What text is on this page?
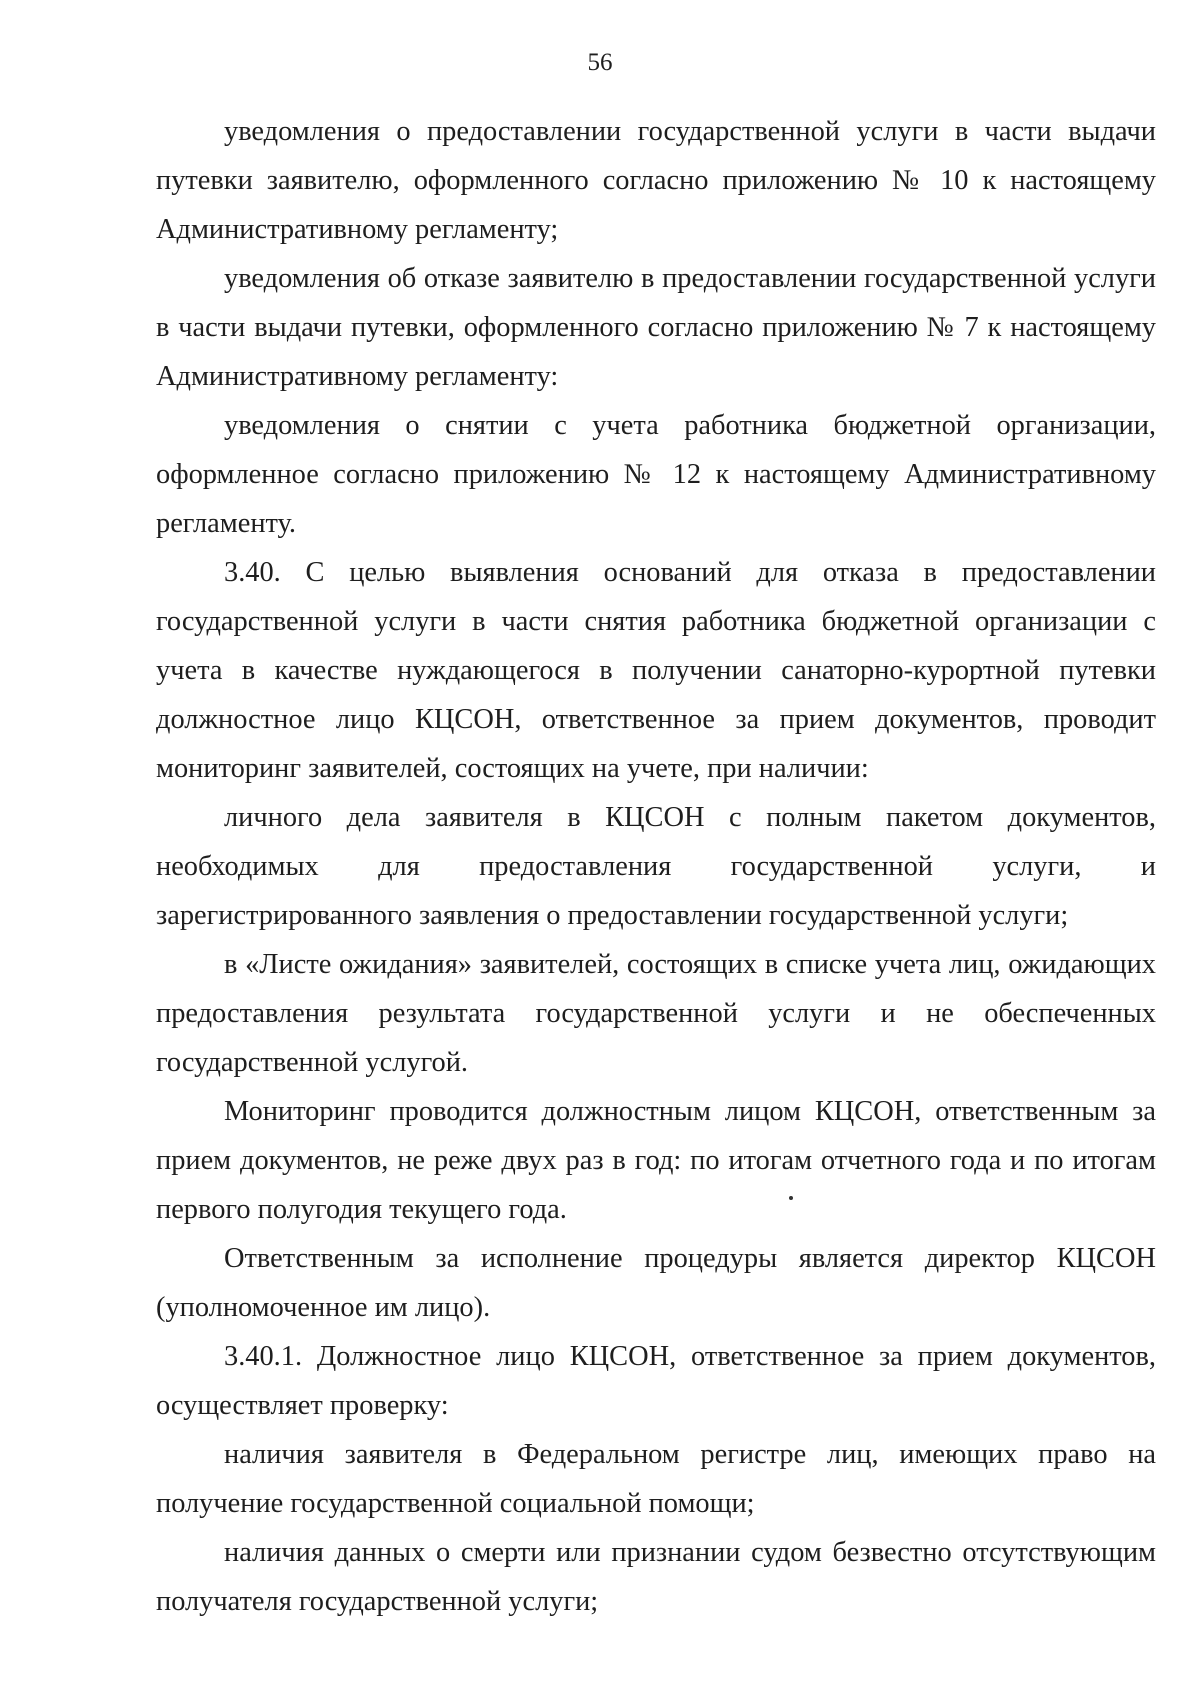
56

уведомления о предоставлении государственной услуги в части выдачи путевки заявителю, оформленного согласно приложению № 10 к настоящему Административному регламенту;

уведомления об отказе заявителю в предоставлении государственной услуги в части выдачи путевки, оформленного согласно приложению № 7 к настоящему Административному регламенту:

уведомления о снятии с учета работника бюджетной организации, оформленное согласно приложению № 12 к настоящему Административному регламенту.

3.40. С целью выявления оснований для отказа в предоставлении государственной услуги в части снятия работника бюджетной организации с учета в качестве нуждающегося в получении санаторно-курортной путевки должностное лицо КЦСОН, ответственное за прием документов, проводит мониторинг заявителей, состоящих на учете, при наличии:

личного дела заявителя в КЦСОН с полным пакетом документов, необходимых для предоставления государственной услуги, и зарегистрированного заявления о предоставлении государственной услуги;

в «Листе ожидания» заявителей, состоящих в списке учета лиц, ожидающих предоставления результата государственной услуги и не обеспеченных государственной услугой.

Мониторинг проводится должностным лицом КЦСОН, ответственным за прием документов, не реже двух раз в год: по итогам отчетного года и по итогам первого полугодия текущего года.

Ответственным за исполнение процедуры является директор КЦСОН (уполномоченное им лицо).

3.40.1. Должностное лицо КЦСОН, ответственное за прием документов, осуществляет проверку:

наличия заявителя в Федеральном регистре лиц, имеющих право на получение государственной социальной помощи;

наличия данных о смерти или признании судом безвестно отсутствующим получателя государственной услуги;
